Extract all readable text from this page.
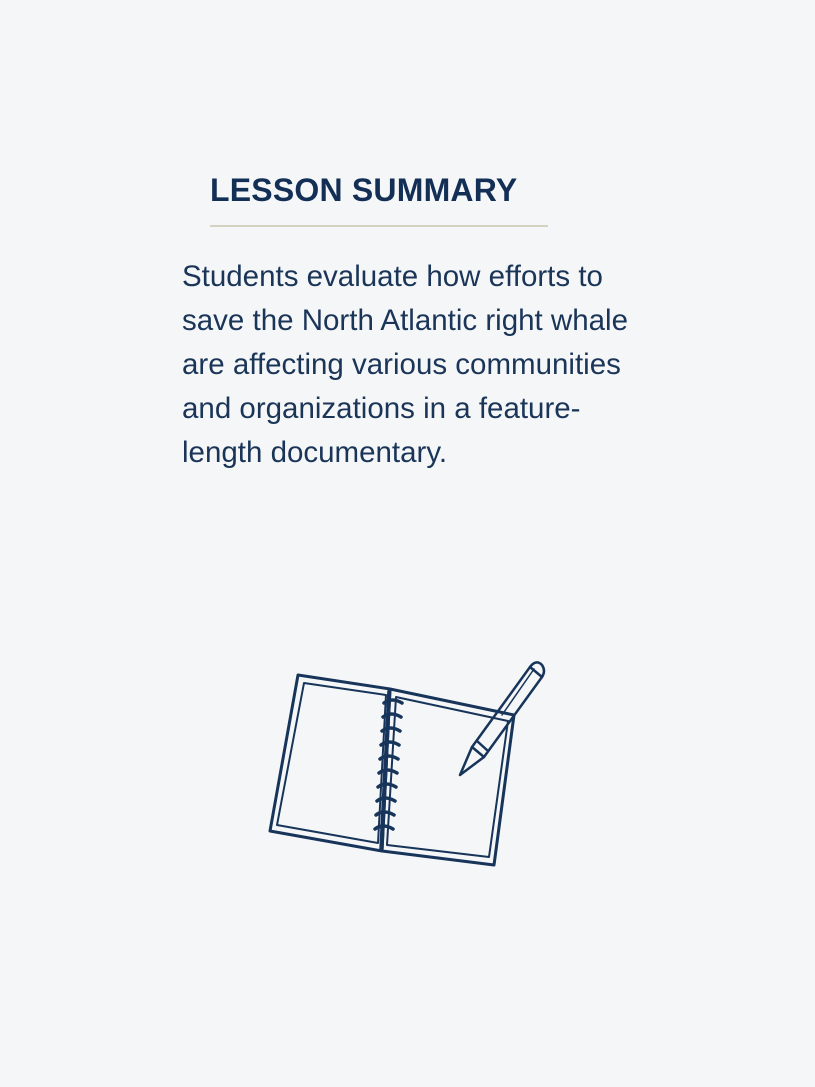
LESSON SUMMARY

Students evaluate how efforts to save the North Atlantic right whale are affecting various communities and organizations in a feature-length documentary.
